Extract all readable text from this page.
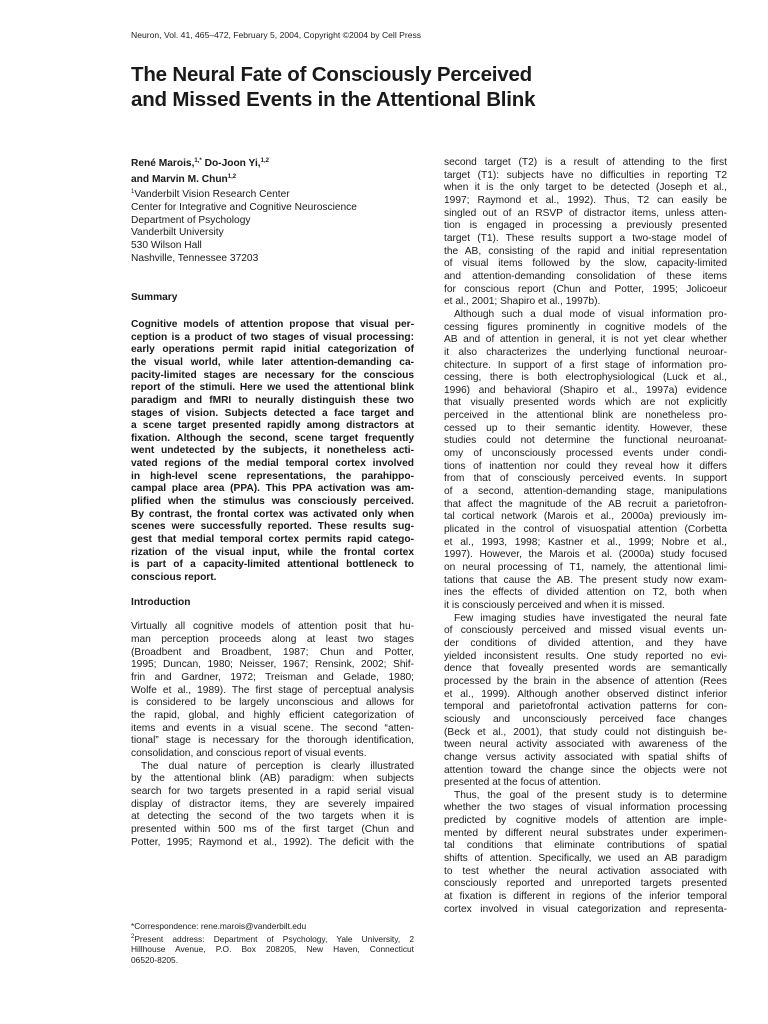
Neuron, Vol. 41, 465–472, February 5, 2004, Copyright ©2004 by Cell Press
The Neural Fate of Consciously Perceived
and Missed Events in the Attentional Blink
René Marois,$^{1,*}$ Do-Joon Yi,$^{1,2}$
and Marvin M. Chun$^{1,2}$
$^1$Vanderbilt Vision Research Center
Center for Integrative and Cognitive Neuroscience
Department of Psychology
Vanderbilt University
530 Wilson Hall
Nashville, Tennessee 37203
Summary
Cognitive models of attention propose that visual per-
ception is a product of two stages of visual processing:
early operations permit rapid initial categorization of
the visual world, while later attention-demanding ca-
pacity-limited stages are necessary for the conscious
report of the stimuli. Here we used the attentional blink
paradigm and fMRI to neurally distinguish these two
stages of vision. Subjects detected a face target and
a scene target presented rapidly among distractors at
fixation. Although the second, scene target frequently
went undetected by the subjects, it nonetheless acti-
vated regions of the medial temporal cortex involved
in high-level scene representations, the parahippo-
campal place area (PPA). This PPA activation was am-
plified when the stimulus was consciously perceived.
By contrast, the frontal cortex was activated only when
scenes were successfully reported. These results sug-
gest that medial temporal cortex permits rapid catego-
rization of the visual input, while the frontal cortex
is part of a capacity-limited attentional bottleneck to
conscious report.
Introduction
Virtually all cognitive models of attention posit that hu-
man perception proceeds along at least two stages
(Broadbent and Broadbent, 1987; Chun and Potter,
1995; Duncan, 1980; Neisser, 1967; Rensink, 2002; Shif-
frin and Gardner, 1972; Treisman and Gelade, 1980;
Wolfe et al., 1989). The first stage of perceptual analysis
is considered to be largely unconscious and allows for
the rapid, global, and highly efficient categorization of
items and events in a visual scene. The second “atten-
tional” stage is necessary for the thorough identification,
consolidation, and conscious report of visual events.
The dual nature of perception is clearly illustrated
by the attentional blink (AB) paradigm: when subjects
search for two targets presented in a rapid serial visual
display of distractor items, they are severely impaired
at detecting the second of the two targets when it is
presented within 500 ms of the first target (Chun and
Potter, 1995; Raymond et al., 1992). The deficit with the
*Correspondence: rene.marois@vanderbilt.edu
$^2$Present address: Department of Psychology, Yale University, 2
Hillhouse Avenue, P.O. Box 208205, New Haven, Connecticut
06520-8205.
second target (T2) is a result of attending to the first
target (T1): subjects have no difficulties in reporting T2
when it is the only target to be detected (Joseph et al.,
1997; Raymond et al., 1992). Thus, T2 can easily be
singled out of an RSVP of distractor items, unless atten-
tion is engaged in processing a previously presented
target (T1). These results support a two-stage model of
the AB, consisting of the rapid and initial representation
of visual items followed by the slow, capacity-limited
and attention-demanding consolidation of these items
for conscious report (Chun and Potter, 1995; Jolicoeur
et al., 2001; Shapiro et al., 1997b).
Although such a dual mode of visual information pro-
cessing figures prominently in cognitive models of the
AB and of attention in general, it is not yet clear whether
it also characterizes the underlying functional neuroar-
chitecture. In support of a first stage of information pro-
cessing, there is both electrophysiological (Luck et al.,
1996) and behavioral (Shapiro et al., 1997a) evidence
that visually presented words which are not explicitly
perceived in the attentional blink are nonetheless pro-
cessed up to their semantic identity. However, these
studies could not determine the functional neuroanat-
omy of unconsciously processed events under condi-
tions of inattention nor could they reveal how it differs
from that of consciously perceived events. In support
of a second, attention-demanding stage, manipulations
that affect the magnitude of the AB recruit a parietofron-
tal cortical network (Marois et al., 2000a) previously im-
plicated in the control of visuospatial attention (Corbetta
et al., 1993, 1998; Kastner et al., 1999; Nobre et al.,
1997). However, the Marois et al. (2000a) study focused
on neural processing of T1, namely, the attentional limi-
tations that cause the AB. The present study now exam-
ines the effects of divided attention on T2, both when
it is consciously perceived and when it is missed.
Few imaging studies have investigated the neural fate
of consciously perceived and missed visual events un-
der conditions of divided attention, and they have
yielded inconsistent results. One study reported no evi-
dence that foveally presented words are semantically
processed by the brain in the absence of attention (Rees
et al., 1999). Although another observed distinct inferior
temporal and parietofrontal activation patterns for con-
sciously and unconsciously perceived face changes
(Beck et al., 2001), that study could not distinguish be-
tween neural activity associated with awareness of the
change versus activity associated with spatial shifts of
attention toward the change since the objects were not
presented at the focus of attention.
Thus, the goal of the present study is to determine
whether the two stages of visual information processing
predicted by cognitive models of attention are imple-
mented by different neural substrates under experimen-
tal conditions that eliminate contributions of spatial
shifts of attention. Specifically, we used an AB paradigm
to test whether the neural activation associated with
consciously reported and unreported targets presented
at fixation is different in regions of the inferior temporal
cortex involved in visual categorization and representa-
